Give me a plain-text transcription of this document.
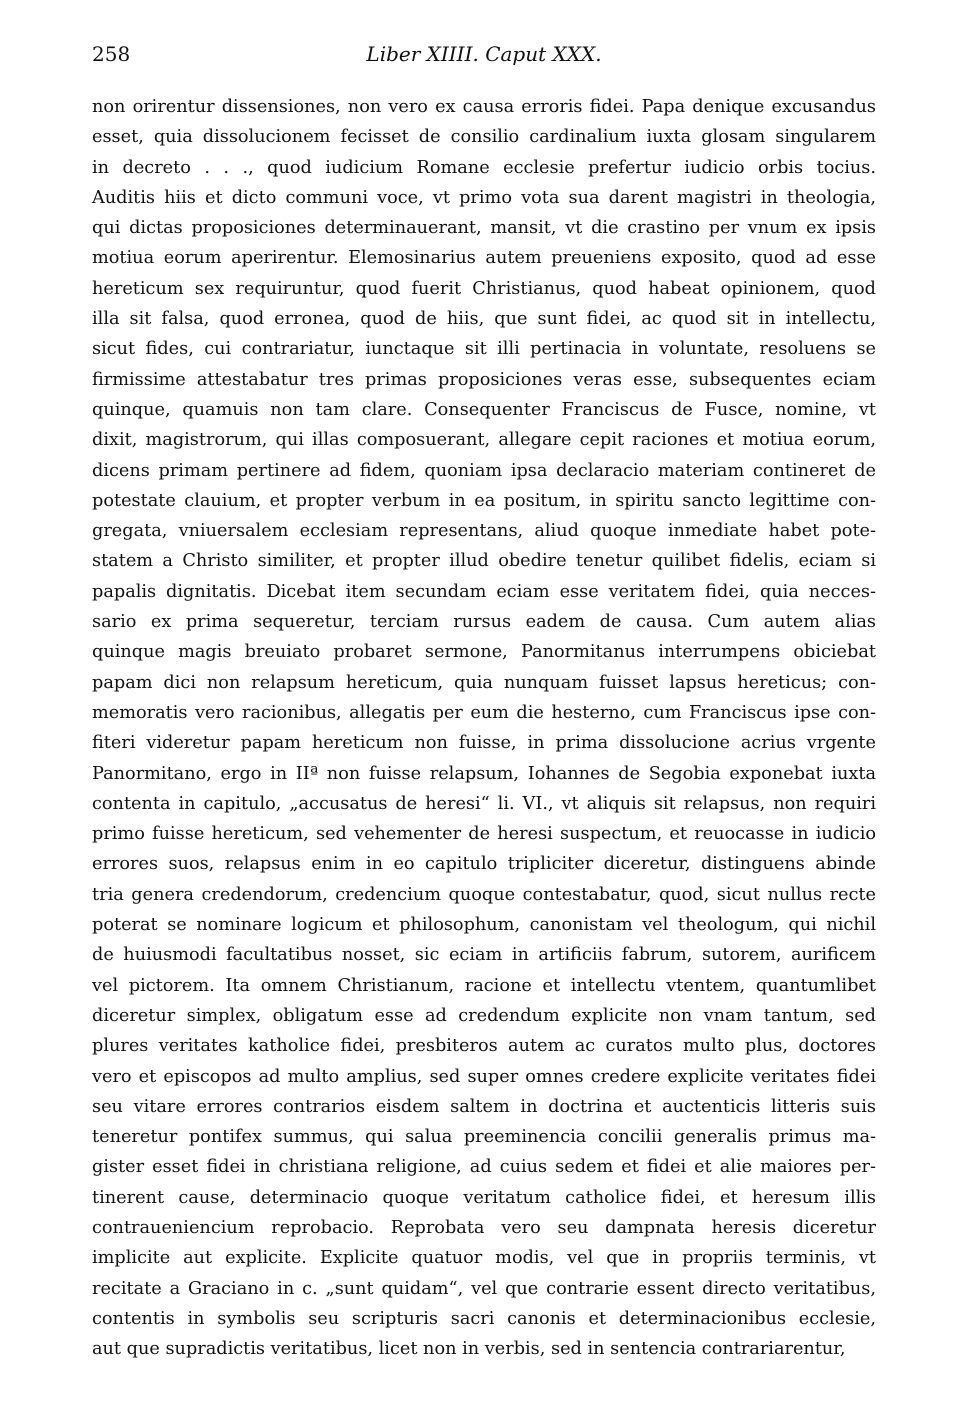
258	Liber XIIII. Caput XXX.
non orirentur dissensiones, non vero ex causa erroris fidei. Papa denique excusandus
esset, quia dissolucionem fecisset de consilio cardinalium iuxta glosam singularem
in decreto . . ., quod iudicium Romane ecclesie prefertur iudicio orbis tocius.
Auditis hiis et dicto communi voce, vt primo vota sua darent magistri in theologia,
qui dictas proposiciones determinauerant, mansit, vt die crastino per vnum ex ipsis
motiua eorum aperirentur. Elemosinarius autem preueniens exposito, quod ad esse
hereticum sex requiruntur, quod fuerit Christianus, quod habeat opinionem, quod
illa sit falsa, quod erronea, quod de hiis, que sunt fidei, ac quod sit in intellectu,
sicut fides, cui contrariatur, iunctaque sit illi pertinacia in voluntate, resoluens se
firmissime attestabatur tres primas proposiciones veras esse, subsequentes eciam
quinque, quamuis non tam clare. Consequenter Franciscus de Fusce, nomine, vt
dixit, magistrorum, qui illas composuerant, allegare cepit raciones et motiua eorum,
dicens primam pertinere ad fidem, quoniam ipsa declaracio materiam contineret de
potestate clauium, et propter verbum in ea positum, in spiritu sancto legittime con-
gregata, vniuersalem ecclesiam representans, aliud quoque inmediate habet pote-
statem a Christo similiter, et propter illud obedire tenetur quilibet fidelis, eciam si
papalis dignitatis. Dicebat item secundam eciam esse veritatem fidei, quia necces-
sario ex prima sequeretur, terciam rursus eadem de causa. Cum autem alias
quinque magis breuiato probaret sermone, Panormitanus interrumpens obiciebat
papam dici non relapsum hereticum, quia nunquam fuisset lapsus hereticus; con-
memoratis vero racionibus, allegatis per eum die hesterno, cum Franciscus ipse con-
fiteri videretur papam hereticum non fuisse, in prima dissolucione acrius vrgente
Panormitano, ergo in IIª non fuisse relapsum, Iohannes de Segobia exponebat iuxta
contenta in capitulo, „accusatus de heresi“ li. VI., vt aliquis sit relapsus, non requiri
primo fuisse hereticum, sed vehementer de heresi suspectum, et reuocasse in iudicio
errores suos, relapsus enim in eo capitulo tripliciter diceretur, distinguens abinde
tria genera credendorum, credencium quoque contestabatur, quod, sicut nullus recte
poterat se nominare logicum et philosophum, canonistam vel theologum, qui nichil
de huiusmodi facultatibus nosset, sic eciam in artificiis fabrum, sutorem, aurificem
vel pictorem. Ita omnem Christianum, racione et intellectu vtentem, quantumlibet
diceretur simplex, obligatum esse ad credendum explicite non vnam tantum, sed
plures veritates katholice fidei, presbiteros autem ac curatos multo plus, doctores
vero et episcopos ad multo amplius, sed super omnes credere explicite veritates fidei
seu vitare errores contrarios eisdem saltem in doctrina et auctenticis litteris suis
teneretur pontifex summus, qui salua preeminencia concilii generalis primus ma-
gister esset fidei in christiana religione, ad cuius sedem et fidei et alie maiores per-
tinerent cause, determinacio quoque veritatum catholice fidei, et heresum illis
contraueniencium reprobacio. Reprobata vero seu dampnata heresis diceretur
implicite aut explicite. Explicite quatuor modis, vel que in propriis terminis, vt
recitate a Graciano in c. „sunt quidam“, vel que contrarie essent directo veritatibus,
contentis in symbolis seu scripturis sacri canonis et determinacionibus ecclesie,
aut que supradictis veritatibus, licet non in verbis, sed in sentencia contrariarentur,
